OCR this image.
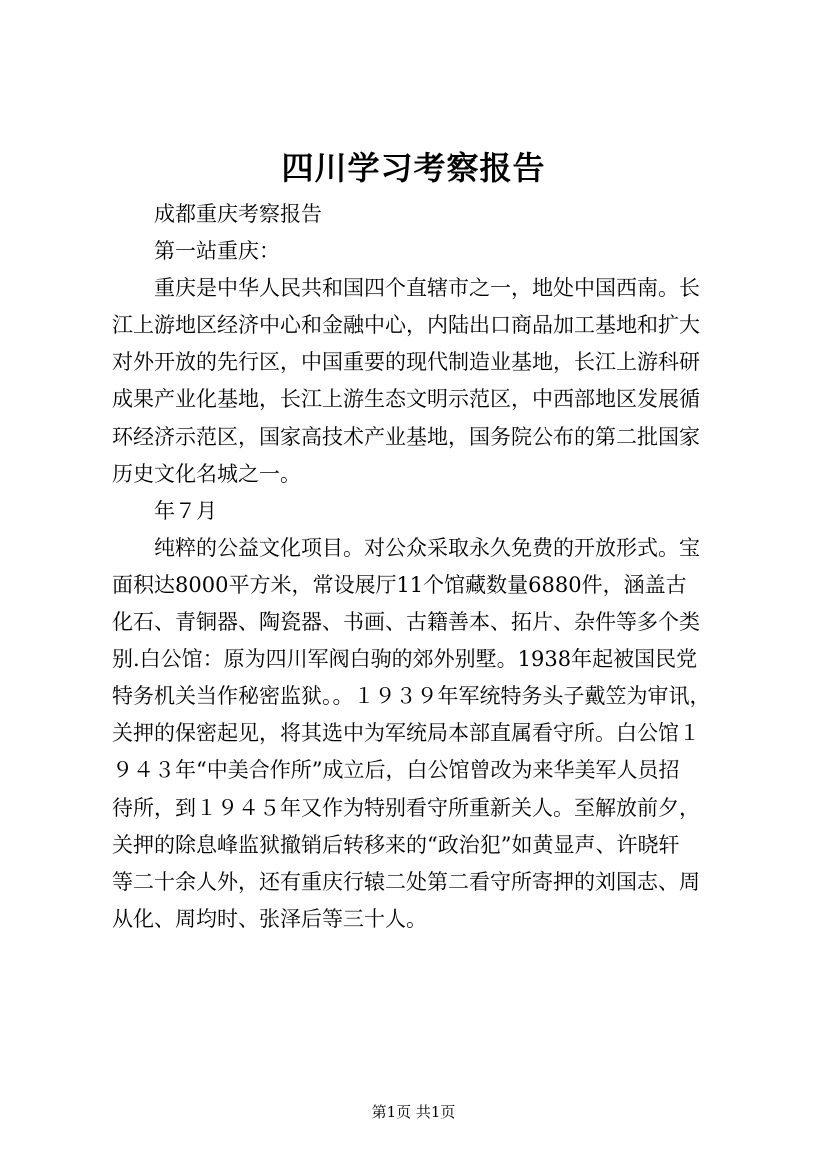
四川学习考察报告
成都重庆考察报告
第一站重庆：
重庆是中华人民共和国四个直辖市之一，地处中国西南。长
江上游地区经济中心和金融中心，内陆出口商品加工基地和扩大
对外开放的先行区，中国重要的现代制造业基地，长江上游科研
成果产业化基地，长江上游生态文明示范区，中西部地区发展循
环经济示范区，国家高技术产业基地，国务院公布的第二批国家
历史文化名城之一。
年７月
纯粹的公益文化项目。对公众采取永久免费的开放形式。宝
面积达8000平方米，常设展厅11个馆藏数量6880件，涵盖古
化石、青铜器、陶瓷器、书画、古籍善本、拓片、杂件等多个类
别.白公馆：原为四川军阀白驹的郊外别墅。1938年起被国民党
特务机关当作秘密监狱。。１９３９年军统特务头子戴笠为审讯，
关押的保密起见，将其选中为军统局本部直属看守所。白公馆１
９４３年“中美合作所”成立后，白公馆曾改为来华美军人员招
待所，到１９４５年又作为特别看守所重新关人。至解放前夕，
关押的除息峰监狱撤销后转移来的“政治犯”如黄显声、许晓轩
等二十余人外，还有重庆行辕二处第二看守所寄押的刘国志、周
从化、周均时、张泽后等三十人。
第1页 共1页
